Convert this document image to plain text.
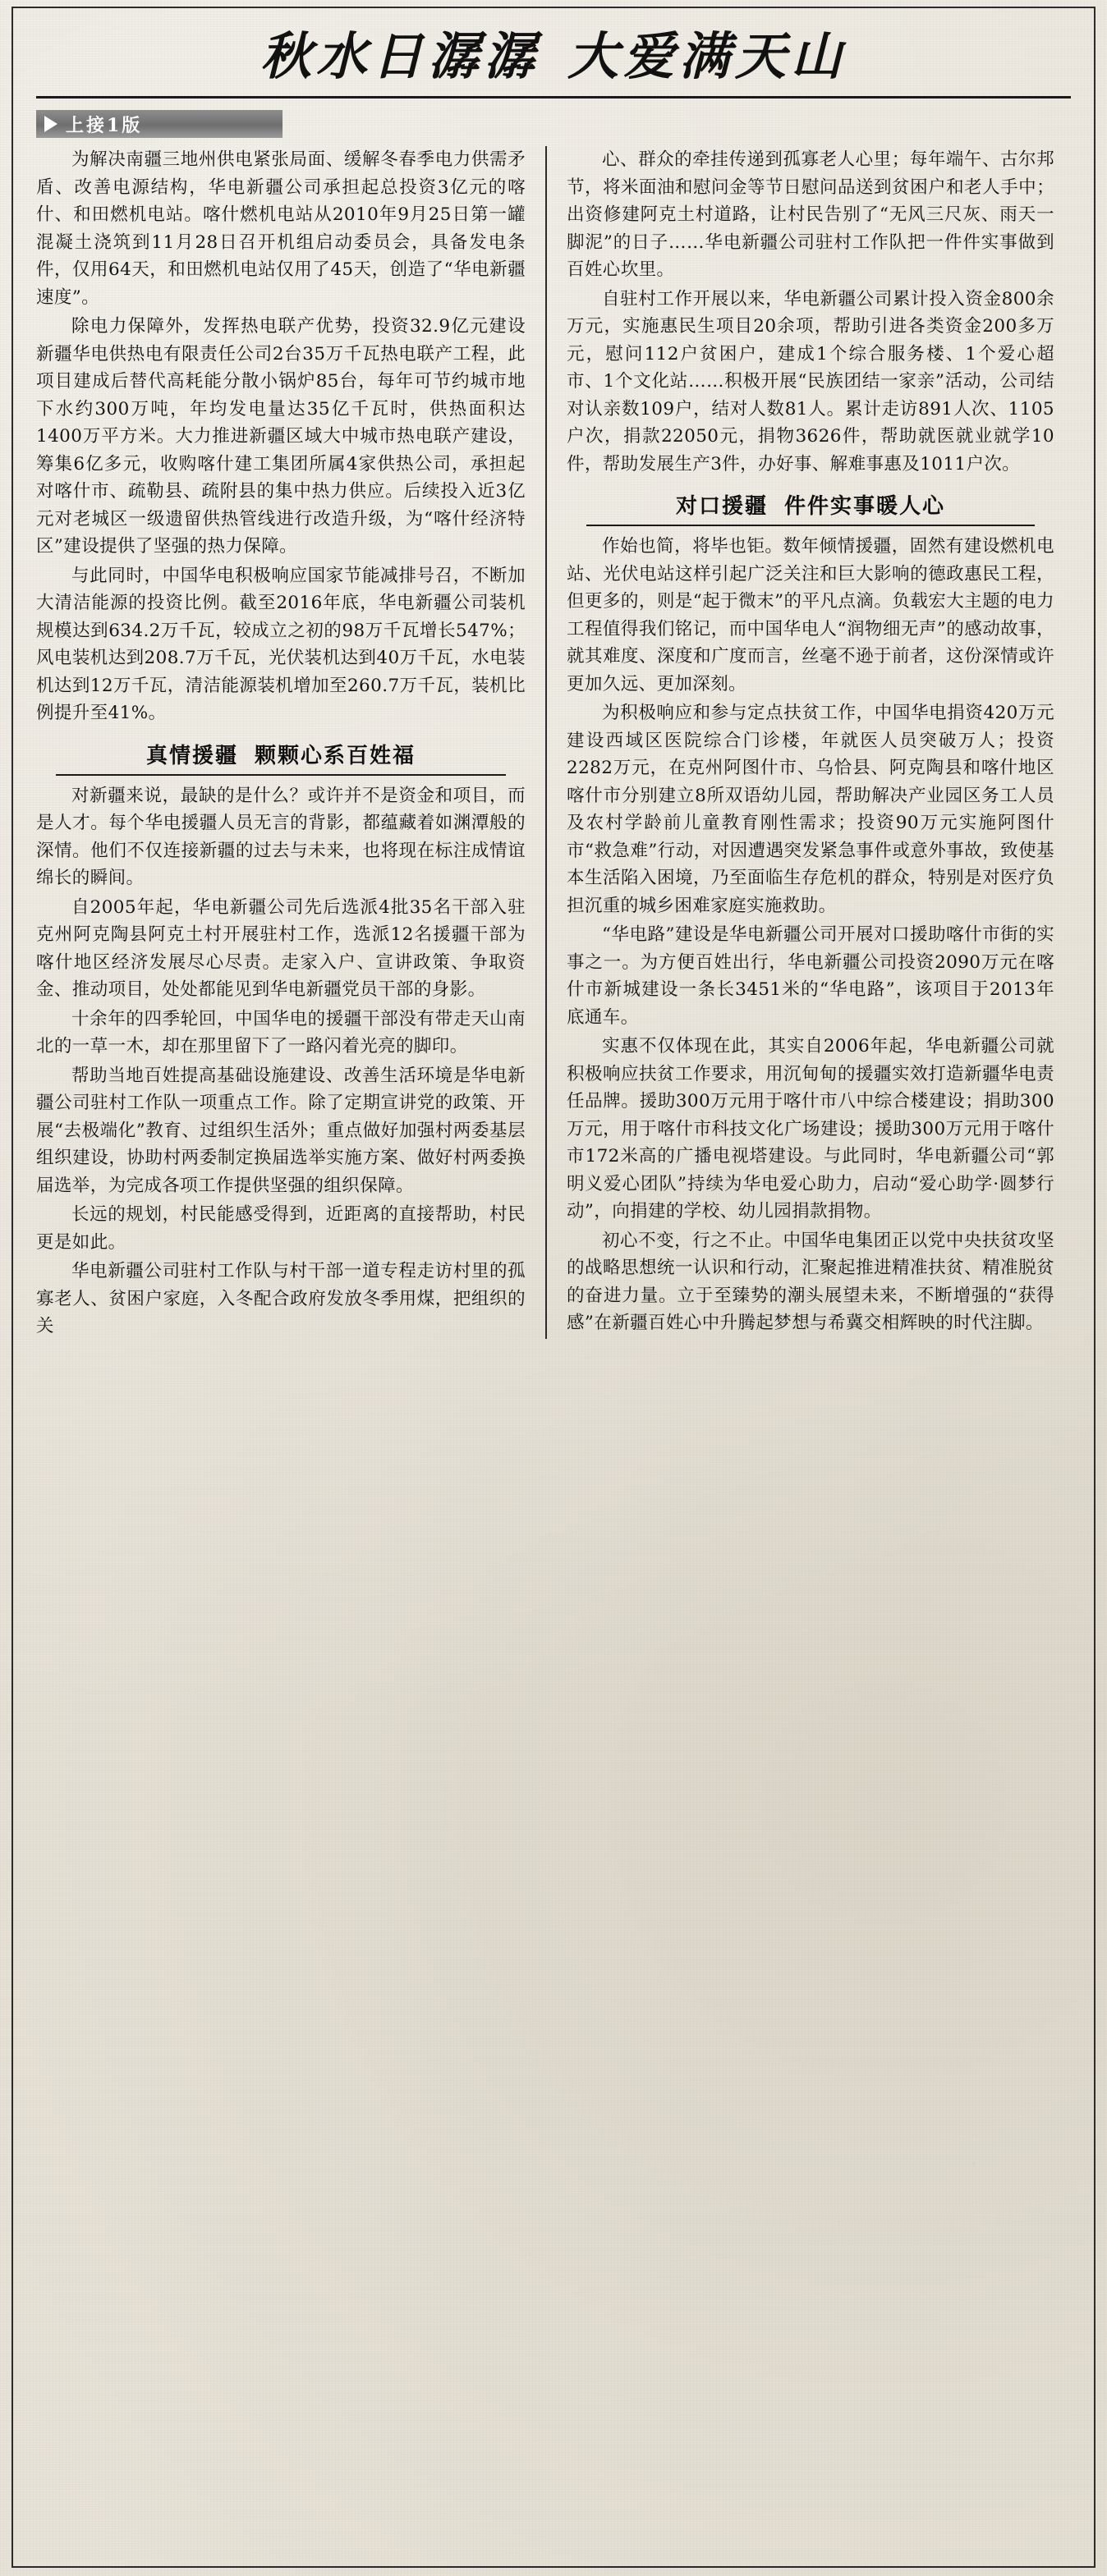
秋水日潺潺 大爱满天山
上接1版

为解决南疆三地州供电紧张局面、缓解冬春季电力供需矛盾、改善电源结构，华电新疆公司承担起总投资3亿元的喀什、和田燃机电站。喀什燃机电站从2010年9月25日第一罐混凝土浇筑到11月28日召开机组启动委员会，具备发电条件，仅用64天，和田燃机电站仅用了45天，创造了“华电新疆速度”。

除电力保障外，发挥热电联产优势，投资32.9亿元建设新疆华电供热电有限责任公司2台35万千瓦热电联产工程，此项目建成后替代高耗能分散小锅炉85台，每年可节约城市地下水约300万吨，年均发电量达35亿千瓦时，供热面积达1400万平方米。大力推进新疆区域大中城市热电联产建设，筹集6亿多元，收购喀什建工集团所属4家供热公司，承担起对喀什市、疏勒县、疏附县的集中热力供应。后续投入近3亿元对老城区一级遗留供热管线进行改造升级，为“喀什经济特区”建设提供了坚强的热力保障。

与此同时，中国华电积极响应国家节能减排号召，不断加大清洁能源的投资比例。截至2016年底，华电新疆公司装机规模达到634.2万千瓦，较成立之初的98万千瓦增长547%；风电装机达到208.7万千瓦，光伏装机达到40万千瓦，水电装机达到12万千瓦，清洁能源装机增加至260.7万千瓦，装机比例提升至41%。

真情援疆 颗颗心系百姓福

对新疆来说，最缺的是什么？或许并不是资金和项目，而是人才。每个华电援疆人员无言的背影，都蕴藏着如渊潭般的深情。他们不仅连接新疆的过去与未来，也将现在标注成情谊绵长的瞬间。

自2005年起，华电新疆公司先后选派4批35名干部入驻克州阿克陶县阿克土村开展驻村工作，选派12名援疆干部为喀什地区经济发展尽心尽责。走家入户、宣讲政策、争取资金、推动项目，处处都能见到华电新疆党员干部的身影。

十余年的四季轮回，中国华电的援疆干部没有带走天山南北的一草一木，却在那里留下了一路闪着光亮的脚印。

帮助当地百姓提高基础设施建设、改善生活环境是华电新疆公司驻村工作队一项重点工作。除了定期宣讲党的政策、开展“去极端化”教育、过组织生活外；重点做好加强村两委基层组织建设，协助村两委制定换届选举实施方案、做好村两委换届选举，为完成各项工作提供坚强的组织保障。

长远的规划，村民能感受得到，近距离的直接帮助，村民更是如此。

华电新疆公司驻村工作队与村干部一道专程走访村里的孤寡老人、贫困户家庭，入冬配合政府发放冬季用煤，把组织的关

心、群众的牵挂传递到孤寡老人心里；每年端午、古尔邦节，将米面油和慰问金等节日慰问品送到贫困户和老人手中；出资修建阿克土村道路，让村民告别了“无风三尺灰、雨天一脚泥”的日子……华电新疆公司驻村工作队把一件件实事做到百姓心坎里。

自驻村工作开展以来，华电新疆公司累计投入资金800余万元，实施惠民生项目20余项，帮助引进各类资金200多万元，慰问112户贫困户，建成1个综合服务楼、1个爱心超市、1个文化站……积极开展“民族团结一家亲”活动，公司结对认亲数109户，结对人数81人。累计走访891人次、1105户次，捐款22050元，捐物3626件，帮助就医就业就学10件，帮助发展生产3件，办好事、解难事惠及1011户次。

对口援疆 件件实事暖人心

作始也简，将毕也钜。数年倾情援疆，固然有建设燃机电站、光伏电站这样引起广泛关注和巨大影响的德政惠民工程，但更多的，则是“起于微末”的平凡点滴。负载宏大主题的电力工程值得我们铭记，而中国华电人“润物细无声”的感动故事，就其难度、深度和广度而言，丝毫不逊于前者，这份深情或许更加久远、更加深刻。

为积极响应和参与定点扶贫工作，中国华电捐资420万元建设西域区医院综合门诊楼，年就医人员突破万人；投资2282万元，在克州阿图什市、乌恰县、阿克陶县和喀什地区喀什市分别建立8所双语幼儿园，帮助解决产业园区务工人员及农村学龄前儿童教育刚性需求；投资90万元实施阿图什市“救急难”行动，对因遭遇突发紧急事件或意外事故，致使基本生活陷入困境，乃至面临生存危机的群众，特别是对医疗负担沉重的城乡困难家庭实施救助。

“华电路”建设是华电新疆公司开展对口援助喀什市街的实事之一。为方便百姓出行，华电新疆公司投资2090万元在喀什市新城建设一条长3451米的“华电路”，该项目于2013年底通车。

实惠不仅体现在此，其实自2006年起，华电新疆公司就积极响应扶贫工作要求，用沉甸甸的援疆实效打造新疆华电责任品牌。援助300万元用于喀什市八中综合楼建设；捐助300万元，用于喀什市科技文化广场建设；援助300万元用于喀什市172米高的广播电视塔建设。与此同时，华电新疆公司“郭明义爱心团队”持续为华电爱心助力，启动“爱心助学·圆梦行动”，向捐建的学校、幼儿园捐款捐物。

初心不变，行之不止。中国华电集团正以党中央扶贫攻坚的战略思想统一认识和行动，汇聚起推进精准扶贫、精准脱贫的奋进力量。立于至臻势的潮头展望未来，不断增强的“获得感”在新疆百姓心中升腾起梦想与希冀交相辉映的时代注脚。
